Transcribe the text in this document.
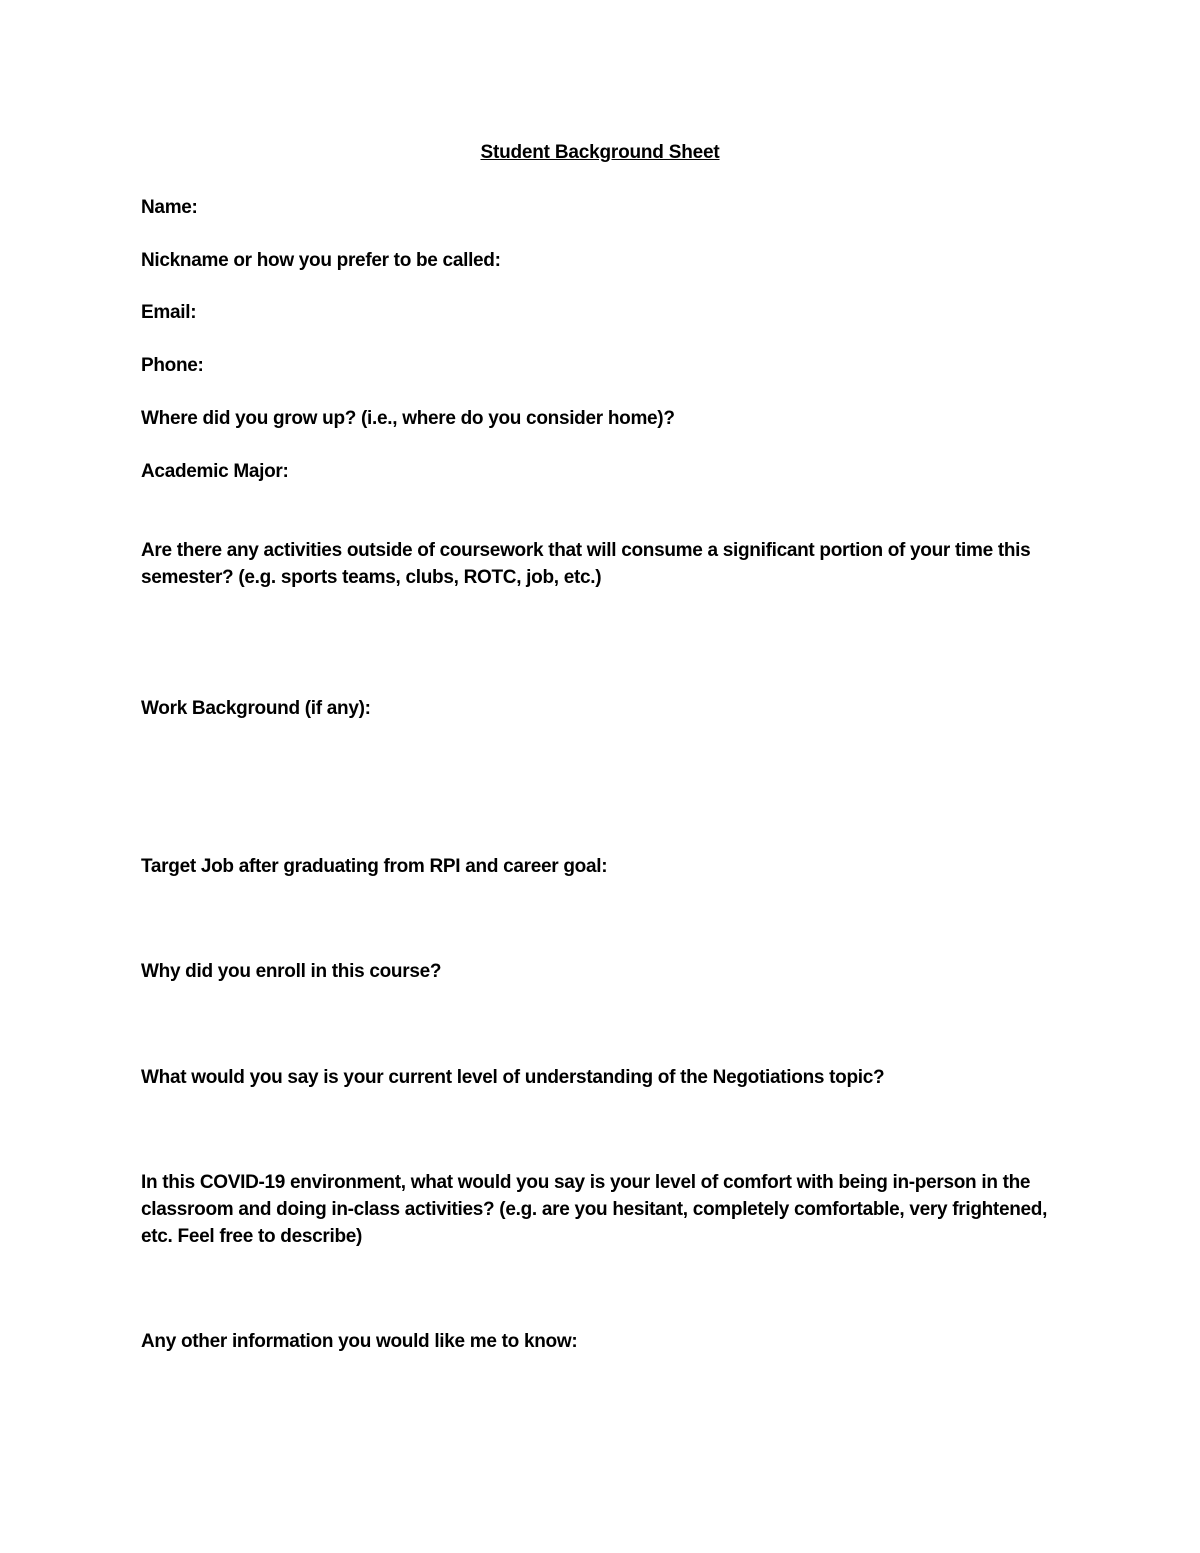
Student Background Sheet

Name:

Nickname or how you prefer to be called:

Email:

Phone:

Where did you grow up? (i.e., where do you consider home)?

Academic Major:

Are there any activities outside of coursework that will consume a significant portion of your time this semester? (e.g. sports teams, clubs, ROTC, job, etc.)

Work Background (if any):

Target Job after graduating from RPI and career goal:

Why did you enroll in this course?

What would you say is your current level of understanding of the Negotiations topic?

In this COVID-19 environment, what would you say is your level of comfort with being in-person in the classroom and doing in-class activities? (e.g. are you hesitant, completely comfortable, very frightened, etc. Feel free to describe)

Any other information you would like me to know:
